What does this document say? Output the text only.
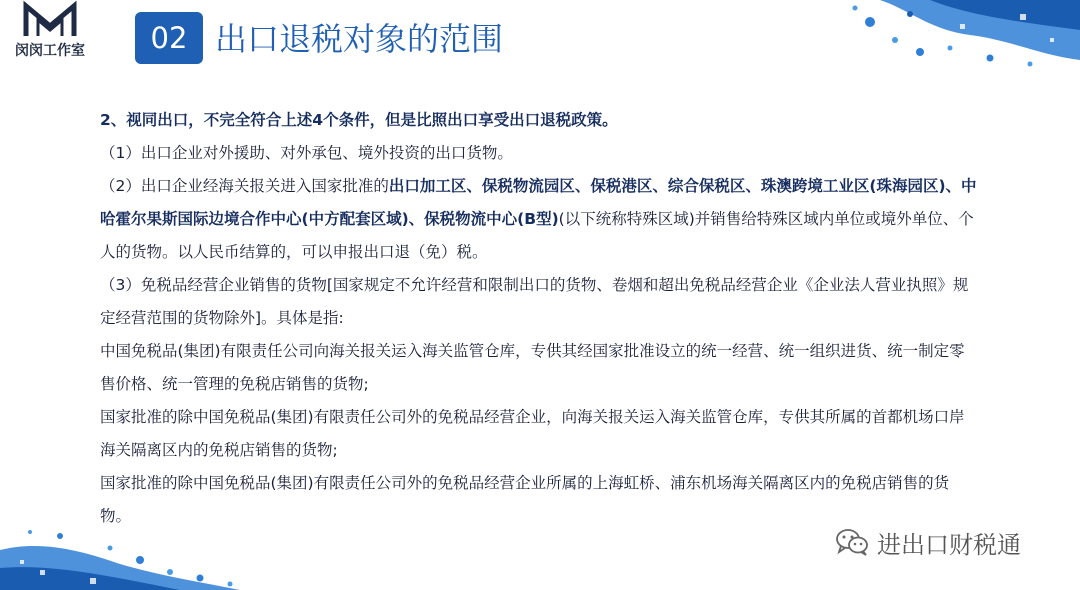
闵闵工作室	02 出口退税对象的范围

2、视同出口，不完全符合上述4个条件，但是比照出口享受出口退税政策。

（1）出口企业对外援助、对外承包、境外投资的出口货物。

（2）出口企业经海关报关进入国家批准的出口加工区、保税物流园区、保税港区、综合保税区、珠澳跨境工业区(珠海园区)、中哈霍尔果斯国际边境合作中心(中方配套区域)、保税物流中心(B型)(以下统称特殊区域)并销售给特殊区域内单位或境外单位、个人的货物。以人民币结算的，可以申报出口退（免）税。

（3）免税品经营企业销售的货物[国家规定不允许经营和限制出口的货物、卷烟和超出免税品经营企业《企业法人营业执照》规定经营范围的货物除外]。具体是指:

中国免税品(集团)有限责任公司向海关报关运入海关监管仓库，专供其经国家批准设立的统一经营、统一组织进货、统一制定零售价格、统一管理的免税店销售的货物;

国家批准的除中国免税品(集团)有限责任公司外的免税品经营企业，向海关报关运入海关监管仓库，专供其所属的首都机场口岸海关隔离区内的免税店销售的货物;

国家批准的除中国免税品(集团)有限责任公司外的免税品经营企业所属的上海虹桥、浦东机场海关隔离区内的免税店销售的货物。

进出口财税通
